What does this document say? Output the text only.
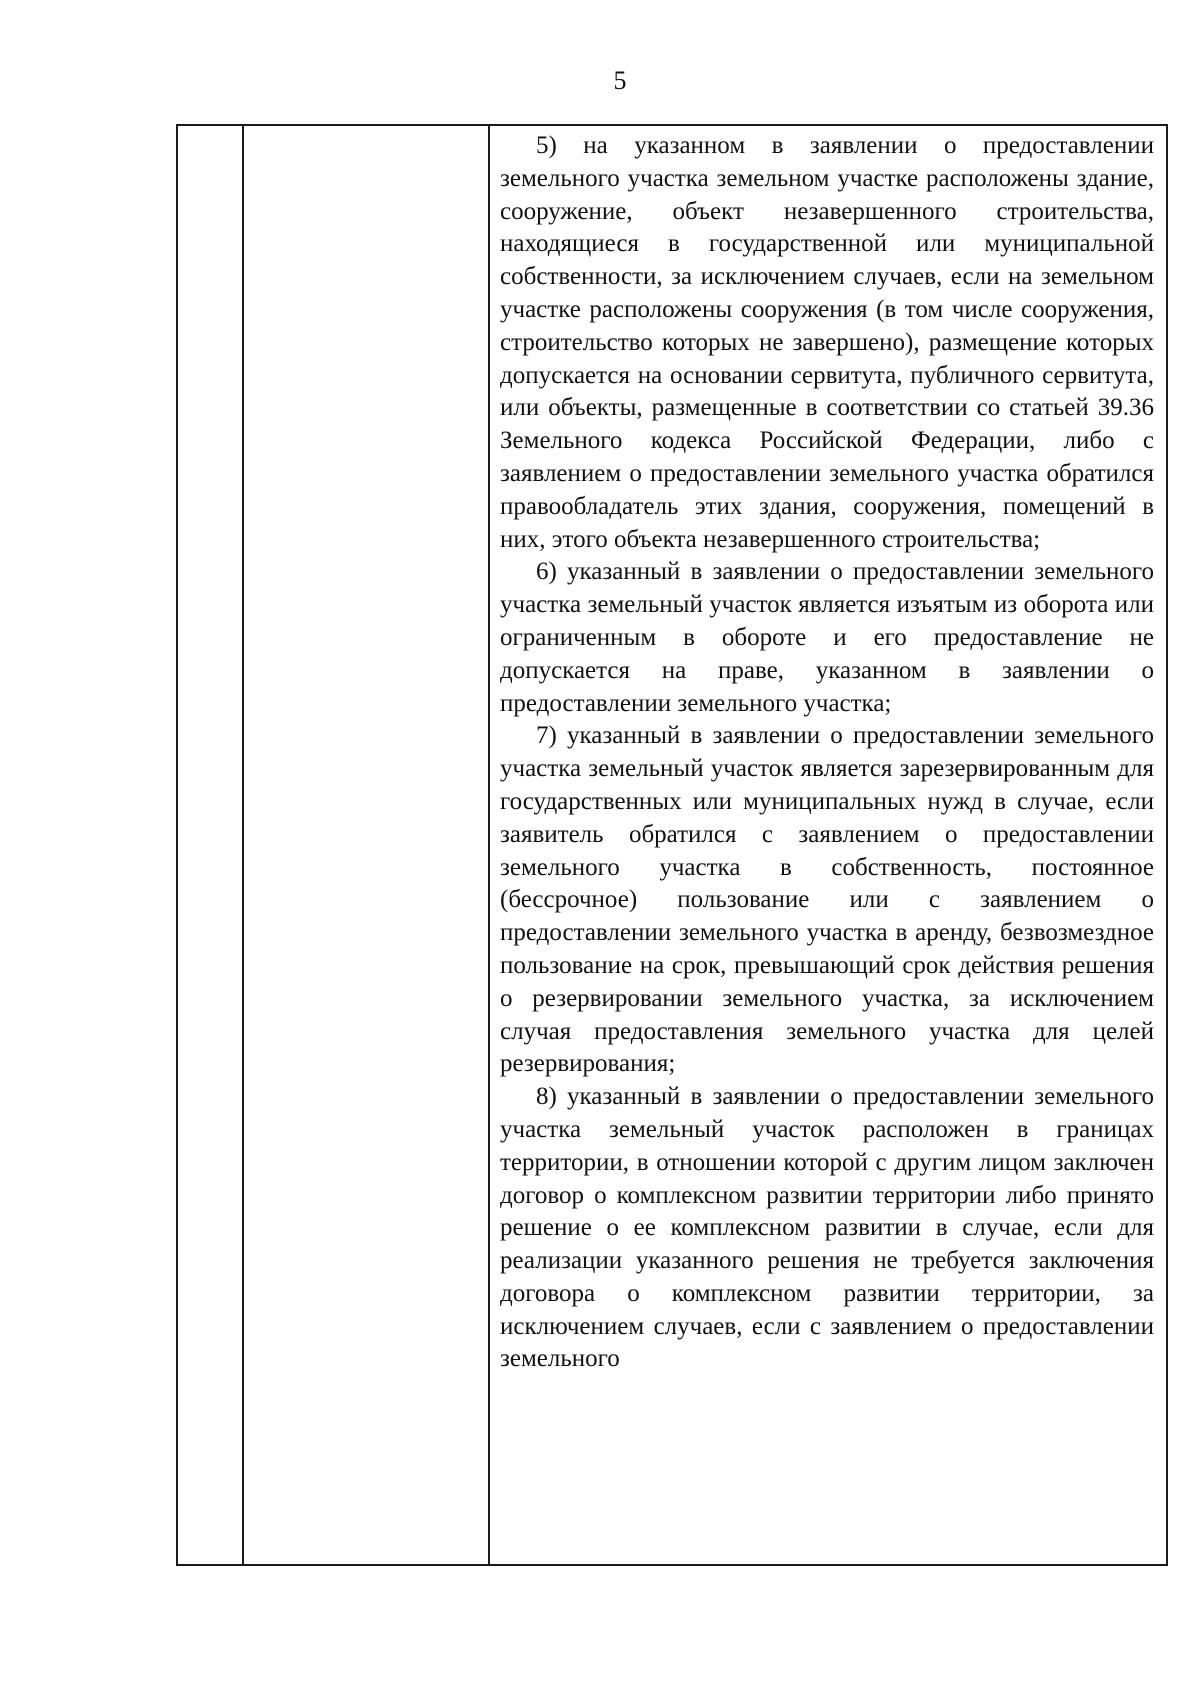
5

5) на указанном в заявлении о предоставлении земельного участка земельном участке расположены здание, сооружение, объект незавершенного строительства, находящиеся в государственной или муниципальной собственности, за исключением случаев, если на земельном участке расположены сооружения (в том числе сооружения, строительство которых не завершено), размещение которых допускается на основании сервитута, публичного сервитута, или объекты, размещенные в соответствии со статьей 39.36 Земельного кодекса Российской Федерации, либо с заявлением о предоставлении земельного участка обратился правообладатель этих здания, сооружения, помещений в них, этого объекта незавершенного строительства;

6) указанный в заявлении о предоставлении земельного участка земельный участок является изъятым из оборота или ограниченным в обороте и его предоставление не допускается на праве, указанном в заявлении о предоставлении земельного участка;

7) указанный в заявлении о предоставлении земельного участка земельный участок является зарезервированным для государственных или муниципальных нужд в случае, если заявитель обратился с заявлением о предоставлении земельного участка в собственность, постоянное (бессрочное) пользование или с заявлением о предоставлении земельного участка в аренду, безвозмездное пользование на срок, превышающий срок действия решения о резервировании земельного участка, за исключением случая предоставления земельного участка для целей резервирования;

8) указанный в заявлении о предоставлении земельного участка земельный участок расположен в границах территории, в отношении которой с другим лицом заключен договор о комплексном развитии территории либо принято решение о ее комплексном развитии в случае, если для реализации указанного решения не требуется заключения договора о комплексном развитии территории, за исключением случаев, если с заявлением о предоставлении земельного
